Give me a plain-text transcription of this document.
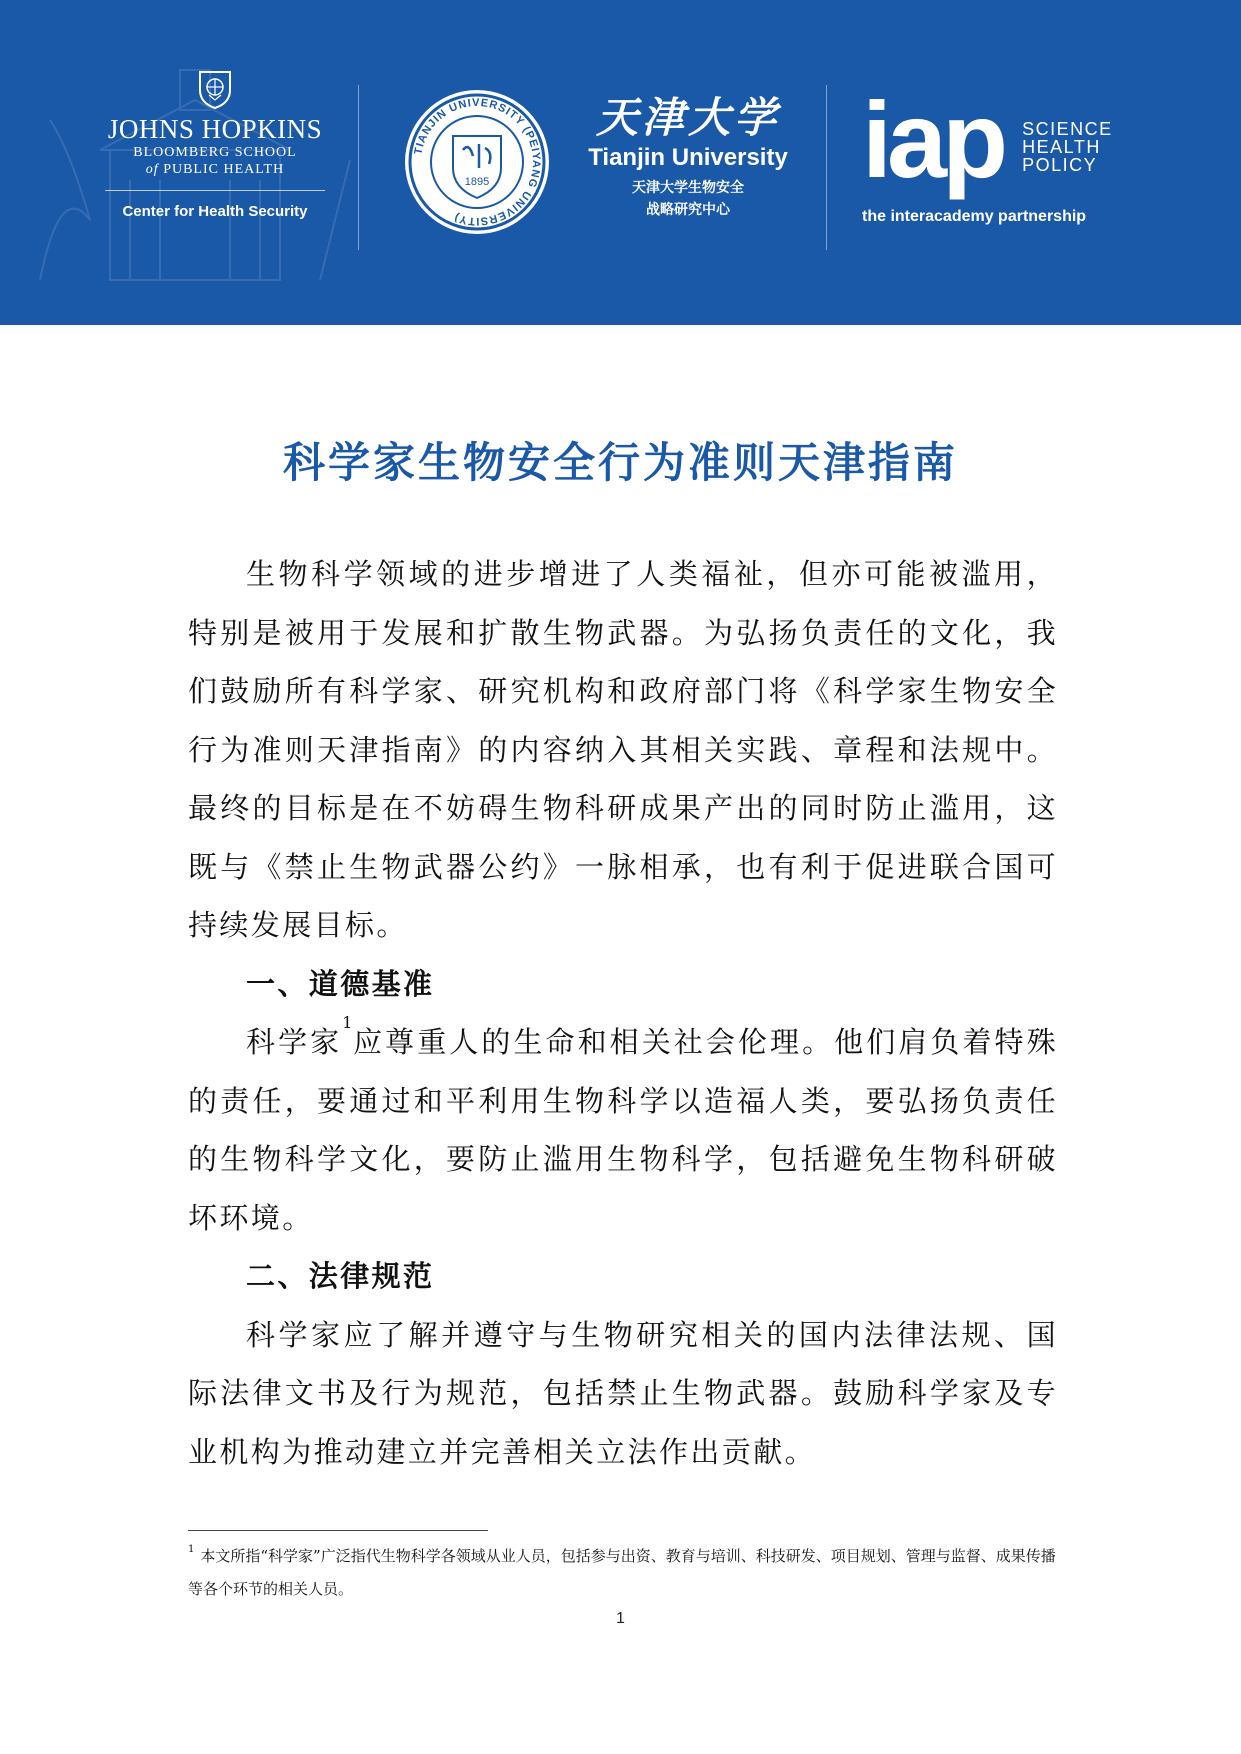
JOHNS HOPKINS
BLOOMBERG SCHOOL
of PUBLIC HEALTH
Center for Health Security
TIANJIN UNIVERSITY (PEIYANG UNIVERSITY)
1895
天津大学
Tianjin University
天津大学生物安全
战略研究中心
iap SCIENCE
HEALTH
POLICY
the interacademy partnership
科学家生物安全行为准则天津指南

生物科学领域的进步增进了人类福祉，但亦可能被滥用，特别是被用于发展和扩散生物武器。为弘扬负责任的文化，我们鼓励所有科学家、研究机构和政府部门将《科学家生物安全行为准则天津指南》的内容纳入其相关实践、章程和法规中。最终的目标是在不妨碍生物科研成果产出的同时防止滥用，这既与《禁止生物武器公约》一脉相承，也有利于促进联合国可持续发展目标。

一、道德基准

科学家$^1$应尊重人的生命和相关社会伦理。他们肩负着特殊的责任，要通过和平利用生物科学以造福人类，要弘扬负责任的生物科学文化，要防止滥用生物科学，包括避免生物科研破坏环境。

二、法律规范

科学家应了解并遵守与生物研究相关的国内法律法规、国际法律文书及行为规范，包括禁止生物武器。鼓励科学家及专业机构为推动建立并完善相关立法作出贡献。

$^1$ 本文所指“科学家”广泛指代生物科学各领域从业人员，包括参与出资、教育与培训、科技研发、项目规划、管理与监督、成果传播等各个环节的相关人员。
1
